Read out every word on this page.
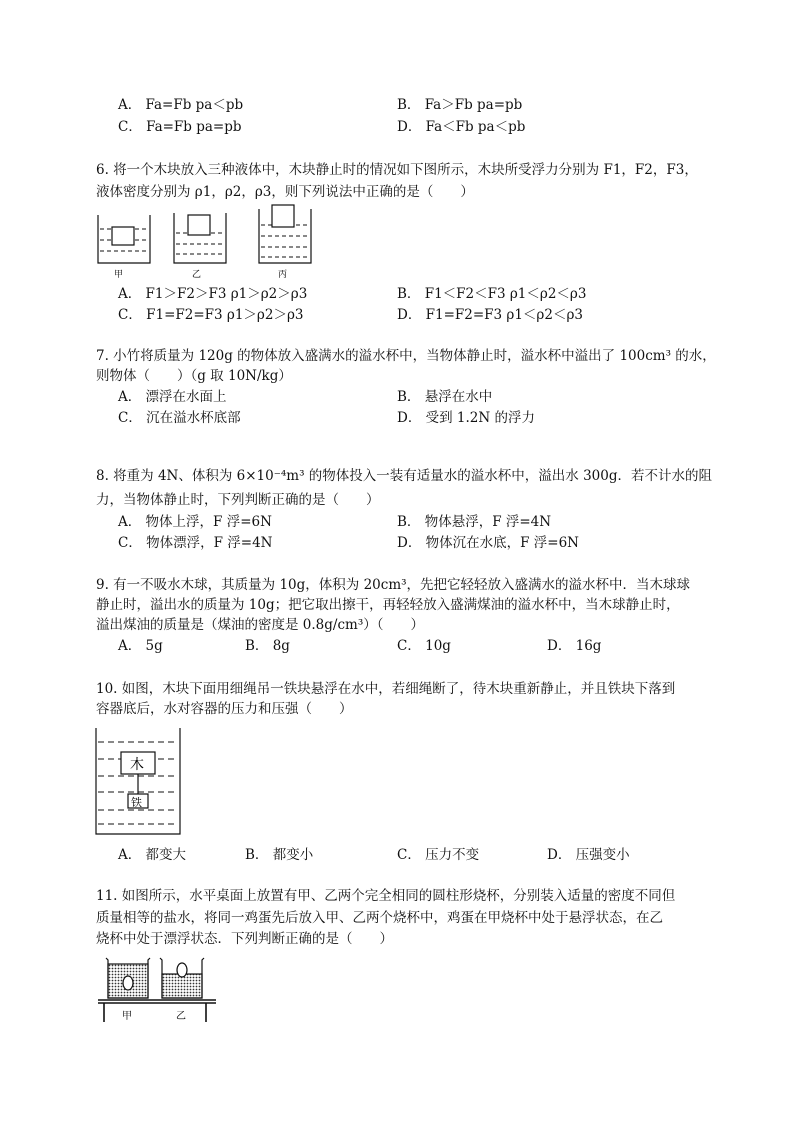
A． Fa=Fb pa＜pb	B． Fa＞Fb pa=pb
C． Fa=Fb pa=pb	D． Fa＜Fb pa＜pb
6. 将一个木块放入三种液体中，木块静止时的情况如下图所示，木块所受浮力分别为 F1，F2，F3，
液体密度分别为 ρ1，ρ2，ρ3，则下列说法中正确的是（　　）
甲	乙	丙
A． F1＞F2＞F3 ρ1＞ρ2＞ρ3	B． F1＜F2＜F3 ρ1＜ρ2＜ρ3
C． F1=F2=F3 ρ1＞ρ2＞ρ3	D． F1=F2=F3 ρ1＜ρ2＜ρ3
7. 小竹将质量为 120g 的物体放入盛满水的溢水杯中，当物体静止时，溢水杯中溢出了 100cm³ 的水，
则物体（　　）（g 取 10N/kg）
A． 漂浮在水面上	B． 悬浮在水中
C． 沉在溢水杯底部	D． 受到 1.2N 的浮力
8. 将重为 4N、体积为 6×10⁻⁴m³ 的物体投入一装有适量水的溢水杯中，溢出水 300g．若不计水的阻
力，当物体静止时，下列判断正确的是（　　）
A． 物体上浮，F 浮=6N	B． 物体悬浮，F 浮=4N
C． 物体漂浮，F 浮=4N	D． 物体沉在水底，F 浮=6N
9. 有一不吸水木球，其质量为 10g，体积为 20cm³，先把它轻轻放入盛满水的溢水杯中．当木球球
静止时，溢出水的质量为 10g；把它取出擦干，再轻轻放入盛满煤油的溢水杯中，当木球静止时，
溢出煤油的质量是（煤油的密度是 0.8g/cm³）（　　）
A． 5g	B． 8g	C． 10g	D． 16g
10. 如图，木块下面用细绳吊一铁块悬浮在水中，若细绳断了，待木块重新静止，并且铁块下落到
容器底后，水对容器的压力和压强（　　）
木
铁
A． 都变大	B． 都变小	C． 压力不变	D． 压强变小
11. 如图所示，水平桌面上放置有甲、乙两个完全相同的圆柱形烧杯，分别装入适量的密度不同但
质量相等的盐水，将同一鸡蛋先后放入甲、乙两个烧杯中，鸡蛋在甲烧杯中处于悬浮状态，在乙
烧杯中处于漂浮状态．下列判断正确的是（　　）
甲	乙
